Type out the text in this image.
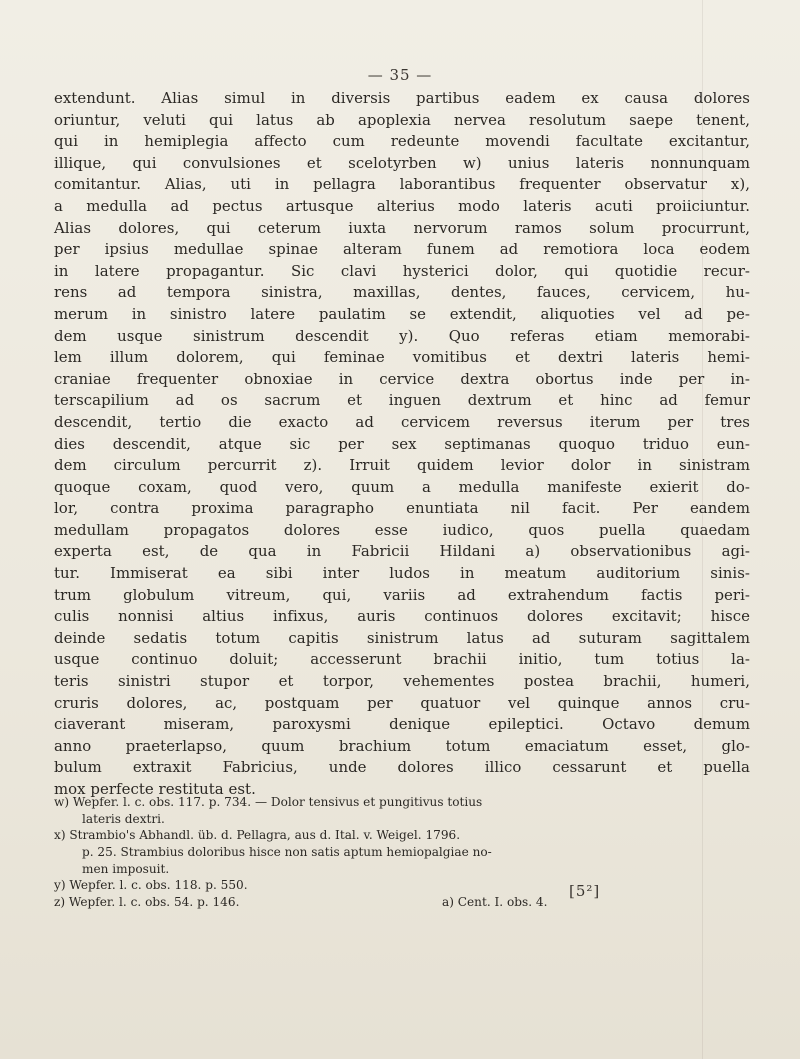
— 35 —
extendunt. Alias simul in diversis partibus eadem ex causa dolores
oriuntur, veluti qui latus ab apoplexia nervea resolutum saepe tenent,
qui in hemiplegia affecto cum redeunte movendi facultate excitantur,
illique, qui convulsiones et scelotyrben w) unius lateris nonnunquam
comitantur. Alias, uti in pellagra laborantibus frequenter observatur x),
a medulla ad pectus artusque alterius modo lateris acuti proiiciuntur.
Alias dolores, qui ceterum iuxta nervorum ramos solum procurrunt,
per ipsius medullae spinae alteram funem ad remotiora loca eodem
in latere propagantur. Sic clavi hysterici dolor, qui quotidie recur-
rens ad tempora sinistra, maxillas, dentes, fauces, cervicem, hu-
merum in sinistro latere paulatim se extendit, aliquoties vel ad pe-
dem usque sinistrum descendit y). Quo referas etiam memorabi-
lem illum dolorem, qui feminae vomitibus et dextri lateris hemi-
craniae frequenter obnoxiae in cervice dextra obortus inde per in-
terscapilium ad os sacrum et inguen dextrum et hinc ad femur
descendit, tertio die exacto ad cervicem reversus iterum per tres
dies descendit, atque sic per sex septimanas quoquo triduo eun-
dem circulum percurrit z). Irruit quidem levior dolor in sinistram
quoque coxam, quod vero, quum a medulla manifeste exierit do-
lor, contra proxima paragrapho enuntiata nil facit. Per eandem
medullam propagatos dolores esse iudico, quos puella quaedam
experta est, de qua in Fabricii Hildani a) observationibus agi-
tur. Immiserat ea sibi inter ludos in meatum auditorium sinis-
trum globulum vitreum, qui, variis ad extrahendum factis peri-
culis nonnisi altius infixus, auris continuos dolores excitavit; hisce
deinde sedatis totum capitis sinistrum latus ad suturam sagittalem
usque continuo doluit; accesserunt brachii initio, tum totius la-
teris sinistri stupor et torpor, vehementes postea brachii, humeri,
cruris dolores, ac, postquam per quatuor vel quinque annos cru-
ciaverant miseram, paroxysmi denique epileptici. Octavo demum
anno praeterlapso, quum brachium totum emaciatum esset, glo-
bulum extraxit Fabricius, unde dolores illico cessarunt et puella
mox perfecte restituta est.
w) Wepfer. l. c. obs. 117. p. 734. — Dolor tensivus et pungitivus totius
lateris dextri.
x) Strambio's Abhandl. üb. d. Pellagra, aus d. Ital. v. Weigel. 1796.
p. 25. Strambius doloribus hisce non satis aptum hemiopalgiae no-
men imposuit.
y) Wepfer. l. c. obs. 118. p. 550.
z) Wepfer. l. c. obs. 54. p. 146.	a) Cent. I. obs. 4.
[5²]
